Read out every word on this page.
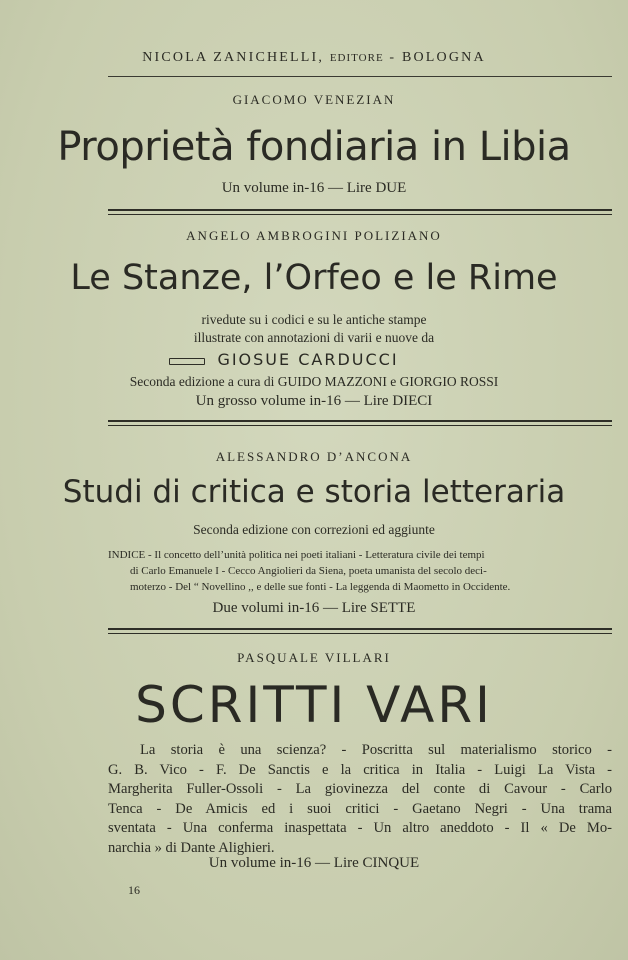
NICOLA ZANICHELLI, EDITORE - BOLOGNA
GIACOMO VENEZIAN
Proprietà fondiaria in Libia
Un volume in-16 — Lire DUE
ANGELO AMBROGINI POLIZIANO
Le Stanze, l’Orfeo e le Rime
rivedute su i codici e su le antiche stampe
illustrate con annotazioni di varii e nuove da
GIOSUE CARDUCCI
Seconda edizione a cura di GUIDO MAZZONI e GIORGIO ROSSI
Un grosso volume in-16 — Lire DIECI
ALESSANDRO D’ANCONA
Studi di critica e storia letteraria
Seconda edizione con correzioni ed aggiunte
INDICE - Il concetto dell’unità politica nei poeti italiani - Letteratura civile dei tempi
di Carlo Emanuele I - Cecco Angiolieri da Siena, poeta umanista del secolo deci-
moterzo - Del “ Novellino ,, e delle sue fonti - La leggenda di Maometto in Occidente.
Due volumi in-16 — Lire SETTE
PASQUALE VILLARI
SCRITTI VARI
La storia è una scienza? - Poscritta sul materialismo storico -
G. B. Vico - F. De Sanctis e la critica in Italia - Luigi La Vista -
Margherita Fuller-Ossoli - La giovinezza del conte di Cavour - Carlo
Tenca - De Amicis ed i suoi critici - Gaetano Negri - Una trama
sventata - Una conferma inaspettata - Un altro aneddoto - Il « De Mo-
narchia » di Dante Alighieri.
Un volume in-16 — Lire CINQUE
16
